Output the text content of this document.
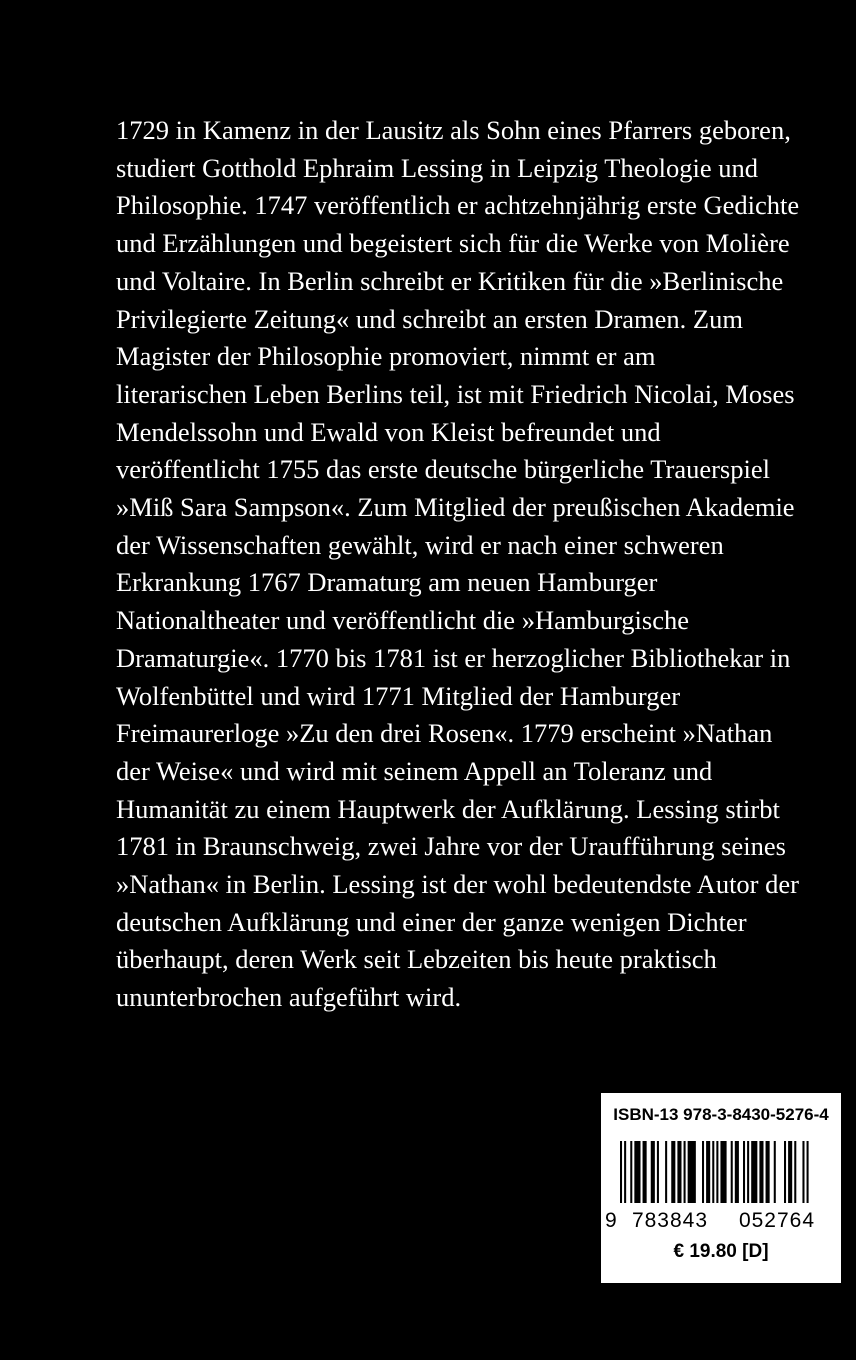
1729 in Kamenz in der Lausitz als Sohn eines Pfarrers geboren,
studiert Gotthold Ephraim Lessing in Leipzig Theologie und
Philosophie. 1747 veröffentlich er achtzehnjährig erste Gedichte
und Erzählungen und begeistert sich für die Werke von Molière
und Voltaire. In Berlin schreibt er Kritiken für die »Berlinische
Privilegierte Zeitung« und schreibt an ersten Dramen. Zum
Magister der Philosophie promoviert, nimmt er am
literarischen Leben Berlins teil, ist mit Friedrich Nicolai, Moses
Mendelssohn und Ewald von Kleist befreundet und
veröffentlicht 1755 das erste deutsche bürgerliche Trauerspiel
»Miß Sara Sampson«. Zum Mitglied der preußischen Akademie
der Wissenschaften gewählt, wird er nach einer schweren
Erkrankung 1767 Dramaturg am neuen Hamburger
Nationaltheater und veröffentlicht die »Hamburgische
Dramaturgie«. 1770 bis 1781 ist er herzoglicher Bibliothekar in
Wolfenbüttel und wird 1771 Mitglied der Hamburger
Freimaurerloge »Zu den drei Rosen«. 1779 erscheint »Nathan
der Weise« und wird mit seinem Appell an Toleranz und
Humanität zu einem Hauptwerk der Aufklärung. Lessing stirbt
1781 in Braunschweig, zwei Jahre vor der Uraufführung seines
»Nathan« in Berlin. Lessing ist der wohl bedeutendste Autor der
deutschen Aufklärung und einer der ganze wenigen Dichter
überhaupt, deren Werk seit Lebzeiten bis heute praktisch
ununterbrochen aufgeführt wird.
ISBN-13 978-3-8430-5276-4
9 783843 052764
€ 19.80 [D]
